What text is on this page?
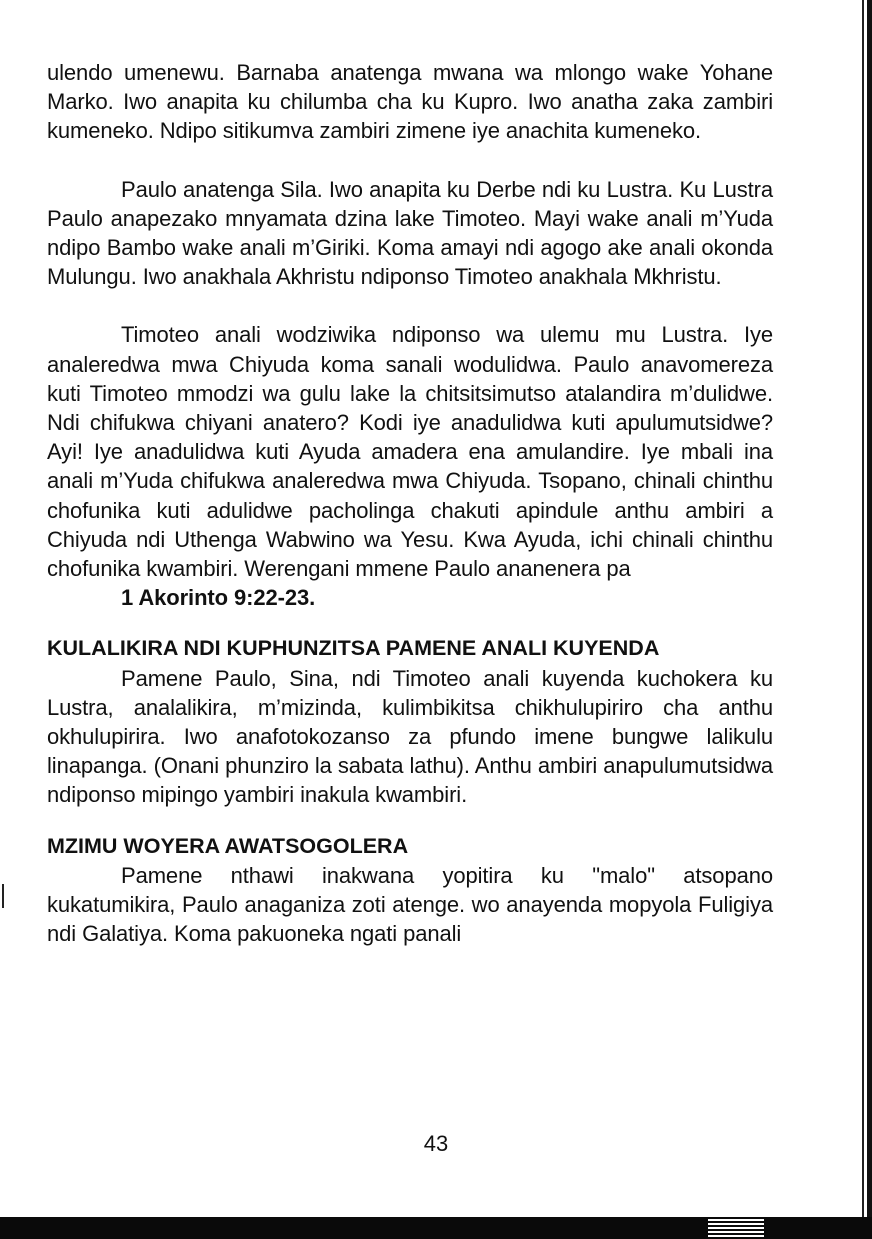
ulendo umenewu. Barnaba anatenga mwana wa mlongo wake Yohane Marko. Iwo anapita ku chilumba cha ku Kupro. Iwo anatha zaka zambiri kumeneko. Ndipo sitikumva zambiri zimene iye anachita kumeneko.

Paulo anatenga Sila. Iwo anapita ku Derbe ndi ku Lustra. Ku Lustra Paulo anapezako mnyamata dzina lake Timoteo. Mayi wake anali m’Yuda ndipo Bambo wake anali m’Giriki. Koma amayi ndi agogo ake anali okonda Mulungu. Iwo anakhala Akhristu ndiponso Timoteo anakhala Mkhristu.

Timoteo anali wodziwika ndiponso wa ulemu mu Lustra. Iye analeredwa mwa Chiyuda koma sanali wodulidwa. Paulo anavomereza kuti Timoteo mmodzi wa gulu lake la chitsitsimutso atalandira m’dulidwe. Ndi chifukwa chiyani anatero? Kodi iye anadulidwa kuti apulumutsidwe? Ayi! Iye anadulidwa kuti Ayuda amadera ena amulandire. Iye mbali ina anali m’Yuda chifukwa analeredwa mwa Chiyuda. Tsopano, chinali chinthu chofunika kuti adulidwe pacholinga chakuti apindule anthu ambiri a Chiyuda ndi Uthenga Wabwino wa Yesu. Kwa Ayuda, ichi chinali chinthu chofunika kwambiri. Werengani mmene Paulo ananenera pa
1 Akorinto 9:22-23.

KULALIKIRA NDI KUPHUNZITSA PAMENE ANALI KUYENDA

Pamene Paulo, Sina, ndi Timoteo anali kuyenda kuchokera ku Lustra, analalikira, m’mizinda, kulimbikitsa chikhulupiriro cha anthu okhulupirira. Iwo anafotokozanso za pfundo imene bungwe lalikulu linapanga. (Onani phunziro la sabata lathu). Anthu ambiri anapulumutsidwa ndiponso mipingo yambiri inakula kwambiri.

MZIMU WOYERA AWATSOGOLERA

Pamene nthawi inakwana yopitira ku "malo" atsopano kukatumikira, Paulo anaganiza zoti atenge. wo anayenda mopyola Fuligiya ndi Galatiya. Koma pakuoneka ngati panali

43
